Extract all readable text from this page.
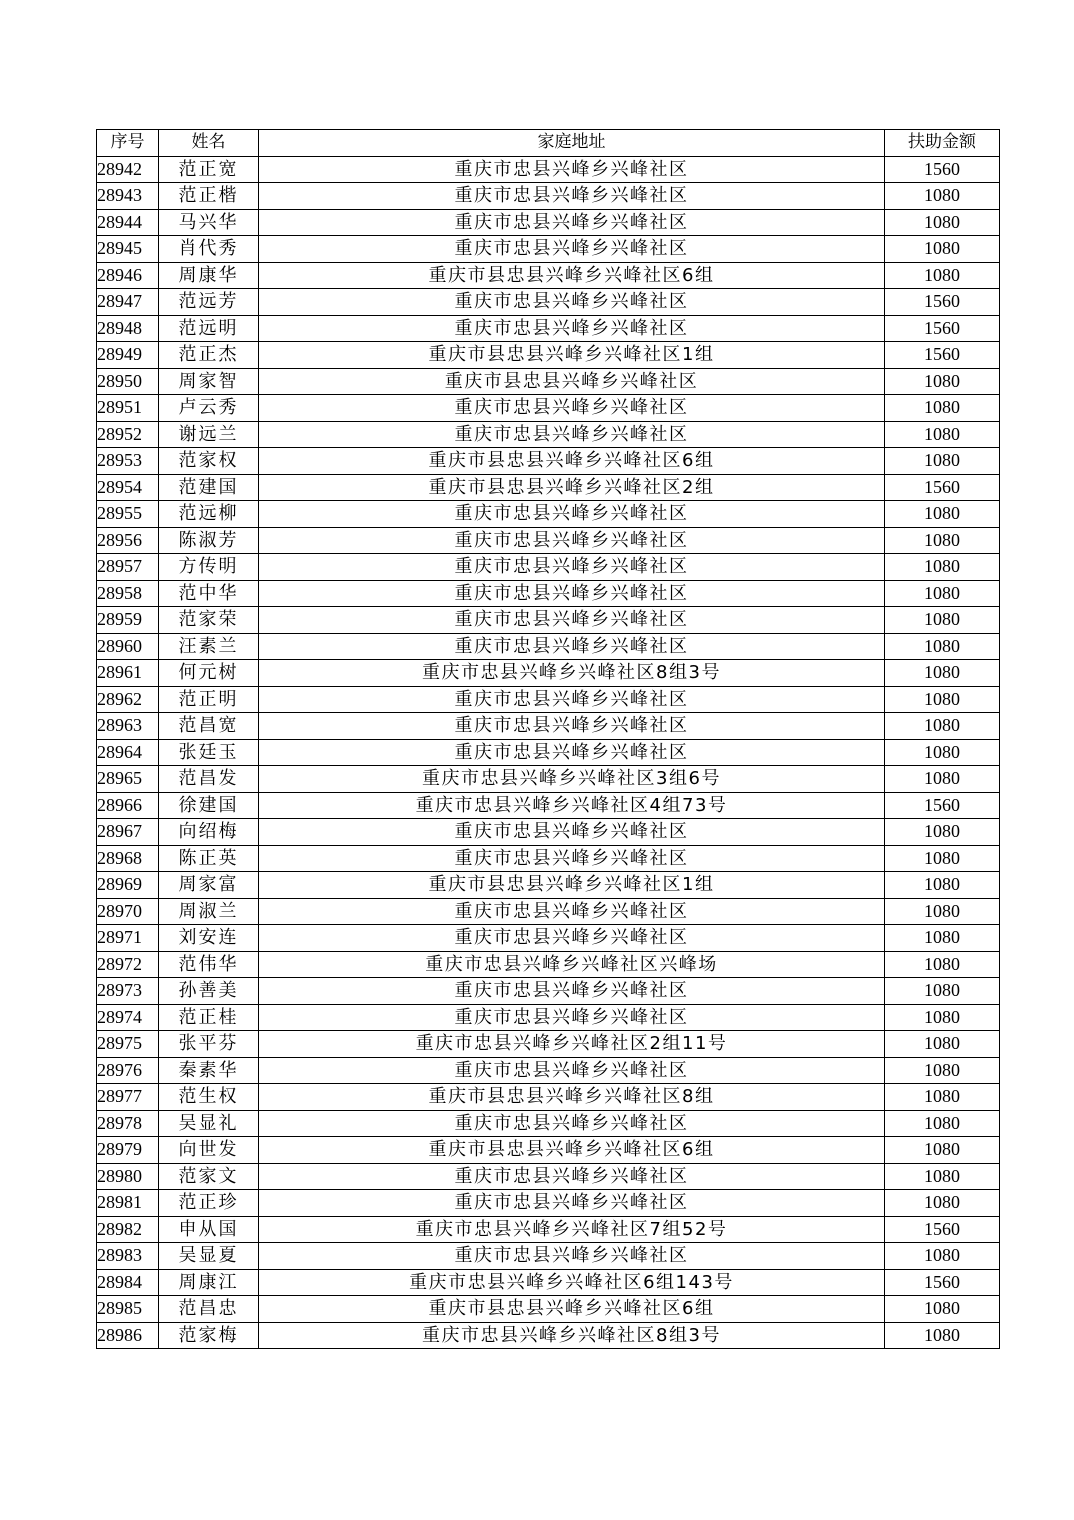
序号	姓名	家庭地址	扶助金额
28942	范正宽	重庆市忠县兴峰乡兴峰社区	1560
28943	范正楷	重庆市忠县兴峰乡兴峰社区	1080
28944	马兴华	重庆市忠县兴峰乡兴峰社区	1080
28945	肖代秀	重庆市忠县兴峰乡兴峰社区	1080
28946	周康华	重庆市县忠县兴峰乡兴峰社区6组	1080
28947	范远芳	重庆市忠县兴峰乡兴峰社区	1560
28948	范远明	重庆市忠县兴峰乡兴峰社区	1560
28949	范正杰	重庆市县忠县兴峰乡兴峰社区1组	1560
28950	周家智	重庆市县忠县兴峰乡兴峰社区	1080
28951	卢云秀	重庆市忠县兴峰乡兴峰社区	1080
28952	谢远兰	重庆市忠县兴峰乡兴峰社区	1080
28953	范家权	重庆市县忠县兴峰乡兴峰社区6组	1080
28954	范建国	重庆市县忠县兴峰乡兴峰社区2组	1560
28955	范远柳	重庆市忠县兴峰乡兴峰社区	1080
28956	陈淑芳	重庆市忠县兴峰乡兴峰社区	1080
28957	方传明	重庆市忠县兴峰乡兴峰社区	1080
28958	范中华	重庆市忠县兴峰乡兴峰社区	1080
28959	范家荣	重庆市忠县兴峰乡兴峰社区	1080
28960	汪素兰	重庆市忠县兴峰乡兴峰社区	1080
28961	何元树	重庆市忠县兴峰乡兴峰社区8组3号	1080
28962	范正明	重庆市忠县兴峰乡兴峰社区	1080
28963	范昌宽	重庆市忠县兴峰乡兴峰社区	1080
28964	张廷玉	重庆市忠县兴峰乡兴峰社区	1080
28965	范昌发	重庆市忠县兴峰乡兴峰社区3组6号	1080
28966	徐建国	重庆市忠县兴峰乡兴峰社区4组73号	1560
28967	向绍梅	重庆市忠县兴峰乡兴峰社区	1080
28968	陈正英	重庆市忠县兴峰乡兴峰社区	1080
28969	周家富	重庆市县忠县兴峰乡兴峰社区1组	1080
28970	周淑兰	重庆市忠县兴峰乡兴峰社区	1080
28971	刘安连	重庆市忠县兴峰乡兴峰社区	1080
28972	范伟华	重庆市忠县兴峰乡兴峰社区兴峰场	1080
28973	孙善美	重庆市忠县兴峰乡兴峰社区	1080
28974	范正桂	重庆市忠县兴峰乡兴峰社区	1080
28975	张平芬	重庆市忠县兴峰乡兴峰社区2组11号	1080
28976	秦素华	重庆市忠县兴峰乡兴峰社区	1080
28977	范生权	重庆市县忠县兴峰乡兴峰社区8组	1080
28978	吴显礼	重庆市忠县兴峰乡兴峰社区	1080
28979	向世发	重庆市县忠县兴峰乡兴峰社区6组	1080
28980	范家文	重庆市忠县兴峰乡兴峰社区	1080
28981	范正珍	重庆市忠县兴峰乡兴峰社区	1080
28982	申从国	重庆市忠县兴峰乡兴峰社区7组52号	1560
28983	吴显夏	重庆市忠县兴峰乡兴峰社区	1080
28984	周康江	重庆市忠县兴峰乡兴峰社区6组143号	1560
28985	范昌忠	重庆市县忠县兴峰乡兴峰社区6组	1080
28986	范家梅	重庆市忠县兴峰乡兴峰社区8组3号	1080
